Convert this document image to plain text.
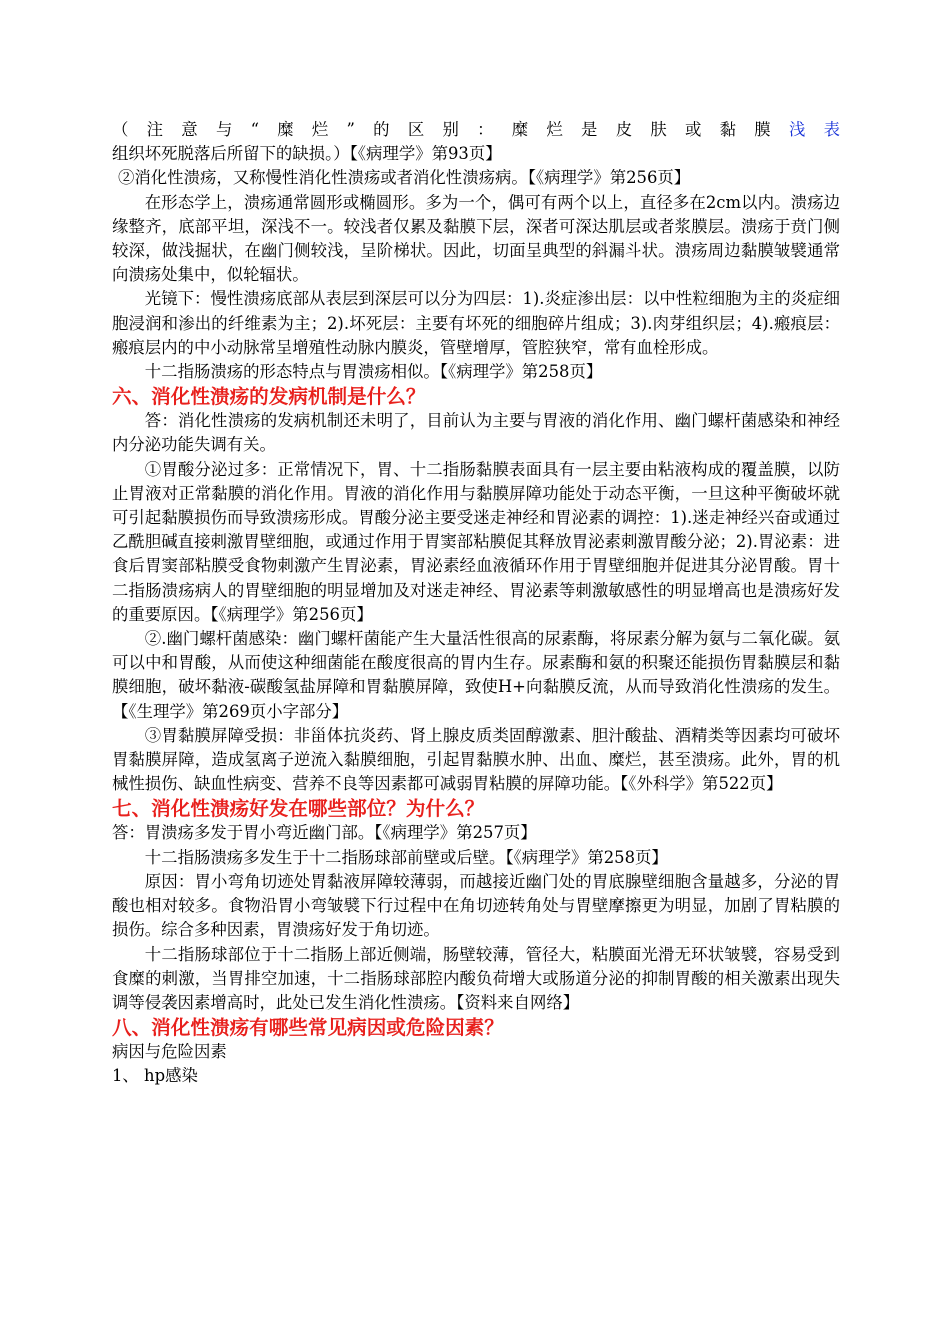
（注意与“糜烂”的区别：糜烂是皮肤或黏膜浅表组织坏死脱落后所留下的缺损。）【《病理学》第93页】

②消化性溃疡，又称慢性消化性溃疡或者消化性溃疡病。【《病理学》第256页】

在形态学上，溃疡通常圆形或椭圆形。多为一个，偶可有两个以上，直径多在2cm以内。溃疡边缘整齐，底部平坦，深浅不一。较浅者仅累及黏膜下层，深者可深达肌层或者浆膜层。溃疡于贲门侧较深，做浅掘状，在幽门侧较浅，呈阶梯状。因此，切面呈典型的斜漏斗状。溃疡周边黏膜皱襞通常向溃疡处集中，似轮辐状。

光镜下：慢性溃疡底部从表层到深层可以分为四层：1).炎症渗出层：以中性粒细胞为主的炎症细胞浸润和渗出的纤维素为主；2).坏死层：主要有坏死的细胞碎片组成；3).肉芽组织层；4).瘢痕层：瘢痕层内的中小动脉常呈增殖性动脉内膜炎，管壁增厚，管腔狭窄，常有血栓形成。

十二指肠溃疡的形态特点与胃溃疡相似。【《病理学》第258页】

六、消化性溃疡的发病机制是什么？

答：消化性溃疡的发病机制还未明了，目前认为主要与胃液的消化作用、幽门螺杆菌感染和神经内分泌功能失调有关。

①胃酸分泌过多：正常情况下，胃、十二指肠黏膜表面具有一层主要由粘液构成的覆盖膜，以防止胃液对正常黏膜的消化作用。胃液的消化作用与黏膜屏障功能处于动态平衡，一旦这种平衡破坏就可引起黏膜损伤而导致溃疡形成。胃酸分泌主要受迷走神经和胃泌素的调控：1).迷走神经兴奋或通过乙酰胆碱直接刺激胃壁细胞，或通过作用于胃窦部粘膜促其释放胃泌素刺激胃酸分泌；2).胃泌素：进食后胃窦部粘膜受食物刺激产生胃泌素，胃泌素经血液循环作用于胃壁细胞并促进其分泌胃酸。胃十二指肠溃疡病人的胃壁细胞的明显增加及对迷走神经、胃泌素等刺激敏感性的明显增高也是溃疡好发的重要原因。【《病理学》第256页】

②.幽门螺杆菌感染：幽门螺杆菌能产生大量活性很高的尿素酶，将尿素分解为氨与二氧化碳。氨可以中和胃酸，从而使这种细菌能在酸度很高的胃内生存。尿素酶和氨的积聚还能损伤胃黏膜层和黏膜细胞，破坏黏液-碳酸氢盐屏障和胃黏膜屏障，致使H+向黏膜反流，从而导致消化性溃疡的发生。【《生理学》第269页小字部分】

③胃黏膜屏障受损：非甾体抗炎药、肾上腺皮质类固醇激素、胆汁酸盐、酒精类等因素均可破坏胃黏膜屏障，造成氢离子逆流入黏膜细胞，引起胃黏膜水肿、出血、糜烂，甚至溃疡。此外，胃的机械性损伤、缺血性病变、营养不良等因素都可减弱胃粘膜的屏障功能。【《外科学》第522页】

七、消化性溃疡好发在哪些部位？为什么？

答：胃溃疡多发于胃小弯近幽门部。【《病理学》第257页】

十二指肠溃疡多发生于十二指肠球部前壁或后壁。【《病理学》第258页】

原因：胃小弯角切迹处胃黏液屏障较薄弱，而越接近幽门处的胃底腺壁细胞含量越多，分泌的胃酸也相对较多。食物沿胃小弯皱襞下行过程中在角切迹转角处与胃壁摩擦更为明显，加剧了胃粘膜的损伤。综合多种因素，胃溃疡好发于角切迹。

十二指肠球部位于十二指肠上部近侧端，肠壁较薄，管径大，粘膜面光滑无环状皱襞，容易受到食糜的刺激，当胃排空加速，十二指肠球部腔内酸负荷增大或肠道分泌的抑制胃酸的相关激素出现失调等侵袭因素增高时，此处已发生消化性溃疡。【资料来自网络】

八、消化性溃疡有哪些常见病因或危险因素？

病因与危险因素

1、 hp感染
